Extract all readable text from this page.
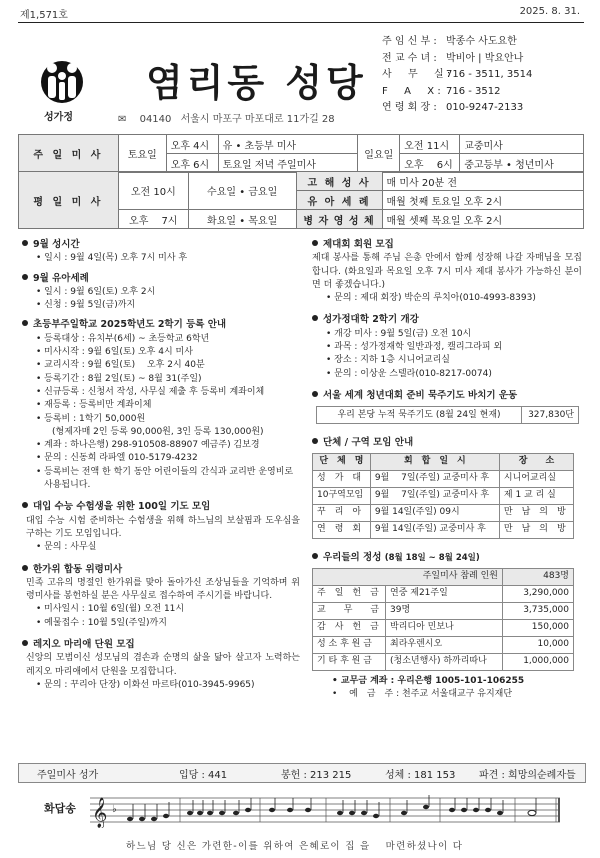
제1,571호	2025. 8. 31.
성가정
염리동 성당
✉ 04140 서울시 마포구 마포대로 11가길 28
주 임 신 부 : 박종수 사도요한
전 교 수 녀 : 박비아 | 박요안나
사 　 무 　 실 :716 - 3511, 3514
F 　 A 　 X : 716 - 3512
연 령 회 장 : 010-9247-2133
주 일 미 사	토요일	오후 4시	유 • 초등부 미사	일요일	오전 11시	교중미사
		오후 6시	토요일 저녁 주일미사		오후 　6시	중고등부 • 청년미사
평 일 미 사	오전 10시	수요일 • 금요일	고 해 성 사	매 미사 20분 전
			유 아 세 례	매월 첫째 토요일 오후 2시
	오후 　7시	화요일 • 목요일	병 자 영 성 체	매월 셋째 목요일 오후 2시
9월 성시간

• 일시 : 9월 4일(목) 오후 7시 미사 후

9월 유아세례

• 일시 : 9월 6일(토) 오후 2시

• 신청 : 9월 5일(금)까지

초등부주일학교 2025학년도 2학기 등록 안내

• 등록대상 : 유치부(6세) ~ 초등학교 6학년

• 미사시작 : 9월 6일(토) 오후 4시 미사

• 교리시작 : 9월 6일(토) 　오후 2시 40분

• 등록기간 : 8월 2일(토) ~ 8월 31(주일)

• 신규등록 : 신청서 작성, 사무실 제출 후 등록비 계좌이체

• 재등록 : 등록비만 계좌이체

• 등록비 : 1학기 50,000원

(형제자매 2인 등록 90,000원, 3인 등록 130,000원)

• 계좌 : 하나은행) 298-910508-88907 예금주) 김보경

• 문의 : 신동희 라파엘 010-5179-4232

• 등록비는 전액 한 학기 동안 어린이들의 간식과 교리반 운영비로 사용됩니다.

대입 수능 수험생을 위한 100일 기도 모임

대입 수능 시험 준비하는 수험생을 위해 하느님의 보살핌과 도우심을 구하는 기도 모임입니다.

• 문의 : 사무실

한가위 합동 위령미사

민족 고유의 명절인 한가위를 맞아 돌아가신 조상님들을 기억하며 위령미사를 봉헌하실 분은 사무실로 접수하여 주시기를 바랍니다.

• 미사일시 : 10월 6일(월) 오전 11시

• 예물접수 : 10월 5일(주일)까지

레지오 마리애 단원 모집

신앙의 모범이신 성모님의 겸손과 순명의 삶을 닮아 살고자 노력하는 레지오 마리애에서 단원을 모집합니다.

• 문의 : 꾸리아 단장) 이화선 마르타(010-3945-9965)

제대회 회원 모집

제대 봉사를 통해 주님 은총 안에서 함께 성장해 나갈 자매님을 모집합니다. (화요일과 목요일 오후 7시 미사 제대 봉사가 가능하신 분이면 더 좋겠습니다.)

• 문의 : 제대 회장) 박순의 루치아(010-4993-8393)

성가정대학 2학기 개강

• 개강 미사 : 9월 5일(금) 오전 10시

• 과목 : 성가정재학 일반과정, 캘리그라피 외

• 장소 : 지하 1층 시니어교리실

• 문의 : 이상운 스텔라(010-8217-0074)

서울 세계 청년대회 준비 묵주기도 바치기 운동
우리 본당 누적 묵주기도 (8월 24일 현재)	327,830단
단체 / 구역 모임 안내
단　체　명	회　합　일　시	장　　소
성　가　대	9월 　7일(주일) 교중미사 후	시니어교리실
10구역모임	9월 　7일(주일) 교중미사 후	제 1 교 리 실
꾸　리　아	9월 14일(주일) 09시	만　남　의　방
연　령　회	9월 14일(주일) 교중미사 후	만　남　의　방
우리들의 정성 (8월 18일 ~ 8월 24일)
주일미사 참례 인원		483명
주　일　헌　금	연중 제21주일	3,290,000
교　　무　　금	39명	3,735,000
감　사　헌　금	박리디아 민보나	150,000
성 소 후 원 금	최라우렌시오	10,000
기 타 후 원 금	(청소년행사) 하까리따나	1,000,000

• 교무금 계좌 : 우리은행 1005-101-106255

• 　예　금　주 : 천주교 서울대교구 유지재단

주일미사 성가	입당 : 441	봉헌 : 213 215	성체 : 181 153 파견 : 희망의순례자들
화답송 𝄞 ♭
하느님 당 신은 가련한-이를 위하여 은혜로이 집 을 　마련하셨나이 다
